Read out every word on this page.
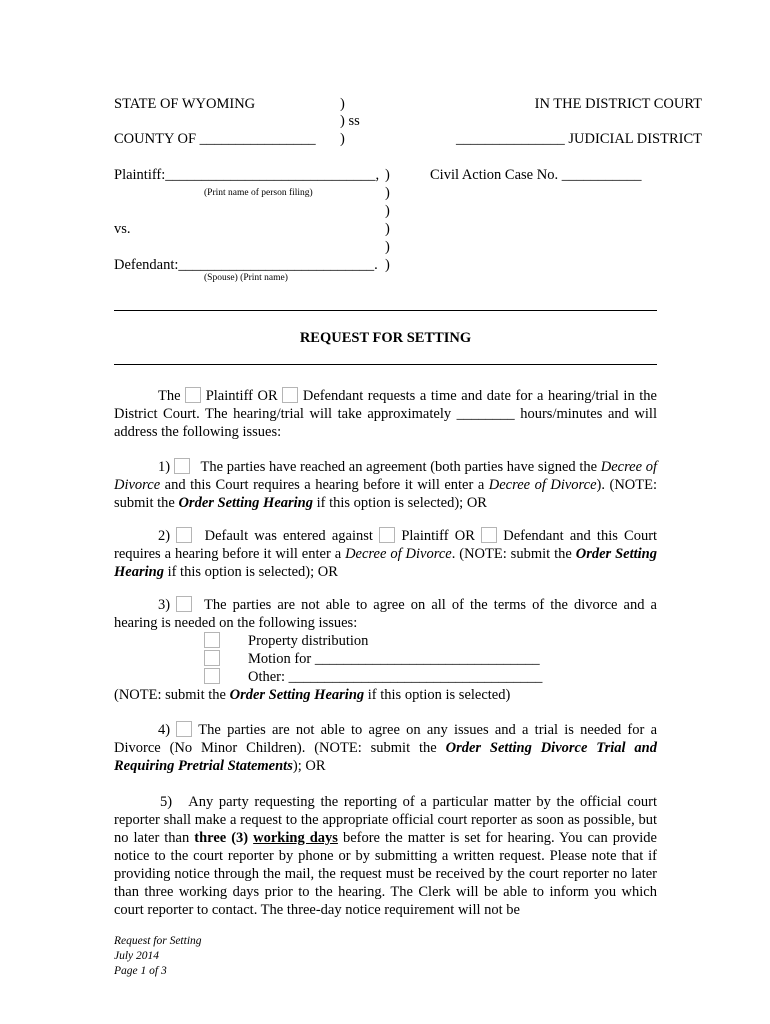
STATE OF WYOMING	)
) ss
COUNTY OF ________________ )
IN THE DISTRICT COURT
_______________ JUDICIAL DISTRICT
Plaintiff:_____________________________,
(Print name of person filing)
Civil Action Case No. ___________
vs.
Defendant:___________________________.
(Spouse) (Print name)
)
)
)
)
)
)
REQUEST FOR SETTING

The Plaintiff OR Defendant requests a time and date for a hearing/trial in the District Court. The hearing/trial will take approximately ________ hours/minutes and will address the following issues:

1) The parties have reached an agreement (both parties have signed the Decree of Divorce and this Court requires a hearing before it will enter a Decree of Divorce). (NOTE: submit the Order Setting Hearing if this option is selected); OR

2) Default was entered against Plaintiff OR Defendant and this Court requires a hearing before it will enter a Decree of Divorce. (NOTE: submit the Order Setting Hearing if this option is selected); OR

3) The parties are not able to agree on all of the terms of the divorce and a hearing is needed on the following issues:

Property distribution
Motion for _______________________________
Other: ___________________________________
(NOTE: submit the Order Setting Hearing if this option is selected)

4) The parties are not able to agree on any issues and a trial is needed for a Divorce (No Minor Children). (NOTE: submit the Order Setting Divorce Trial and Requiring Pretrial Statements); OR

5) Any party requesting the reporting of a particular matter by the official court reporter shall make a request to the appropriate official court reporter as soon as possible, but no later than three (3) working days before the matter is set for hearing. You can provide notice to the court reporter by phone or by submitting a written request. Please note that if providing notice through the mail, the request must be received by the court reporter no later than three working days prior to the hearing. The Clerk will be able to inform you which court reporter to contact. The three-day notice requirement will not be

Request for Setting
July 2014
Page 1 of 3
